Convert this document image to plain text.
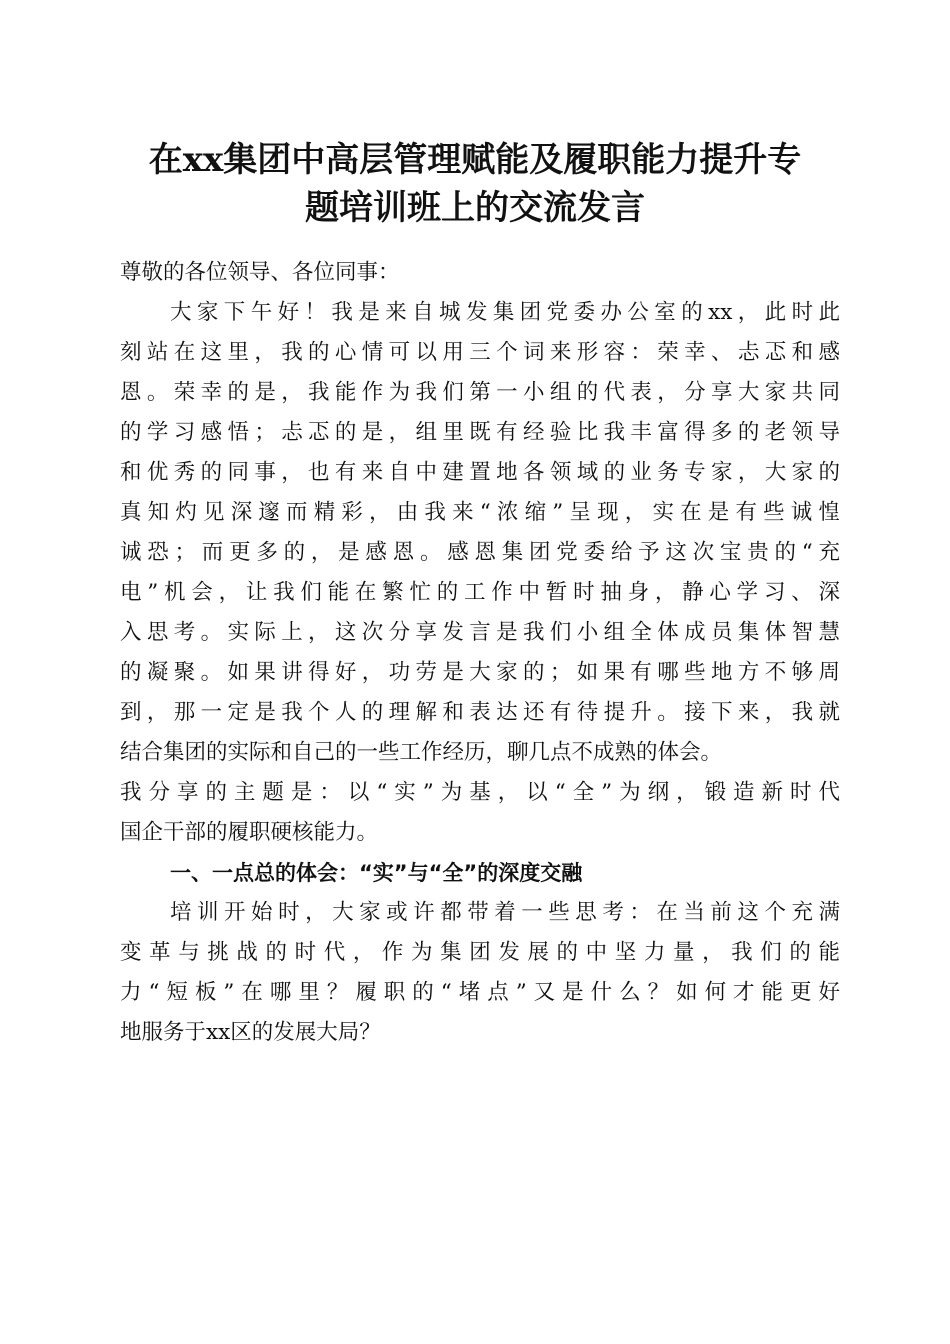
在xx集团中高层管理赋能及履职能力提升专
题培训班上的交流发言
尊敬的各位领导、各位同事：
大家下午好！我是来自城发集团党委办公室的xx，此时此
刻站在这里，我的心情可以用三个词来形容：荣幸、忐忑和感
恩。荣幸的是，我能作为我们第一小组的代表，分享大家共同
的学习感悟；忐忑的是，组里既有经验比我丰富得多的老领导
和优秀的同事，也有来自中建置地各领域的业务专家，大家的
真知灼见深邃而精彩，由我来“浓缩”呈现，实在是有些诚惶
诚恐；而更多的，是感恩。感恩集团党委给予这次宝贵的“充
电”机会，让我们能在繁忙的工作中暂时抽身，静心学习、深
入思考。实际上，这次分享发言是我们小组全体成员集体智慧
的凝聚。如果讲得好，功劳是大家的；如果有哪些地方不够周
到，那一定是我个人的理解和表达还有待提升。接下来，我就
结合集团的实际和自己的一些工作经历，聊几点不成熟的体会。
我分享的主题是：以“实”为基，以“全”为纲，锻造新时代
国企干部的履职硬核能力。
一、一点总的体会：“实”与“全”的深度交融
培训开始时，大家或许都带着一些思考：在当前这个充满
变革与挑战的时代，作为集团发展的中坚力量，我们的能
力“短板”在哪里？履职的“堵点”又是什么？如何才能更好
地服务于xx区的发展大局？
